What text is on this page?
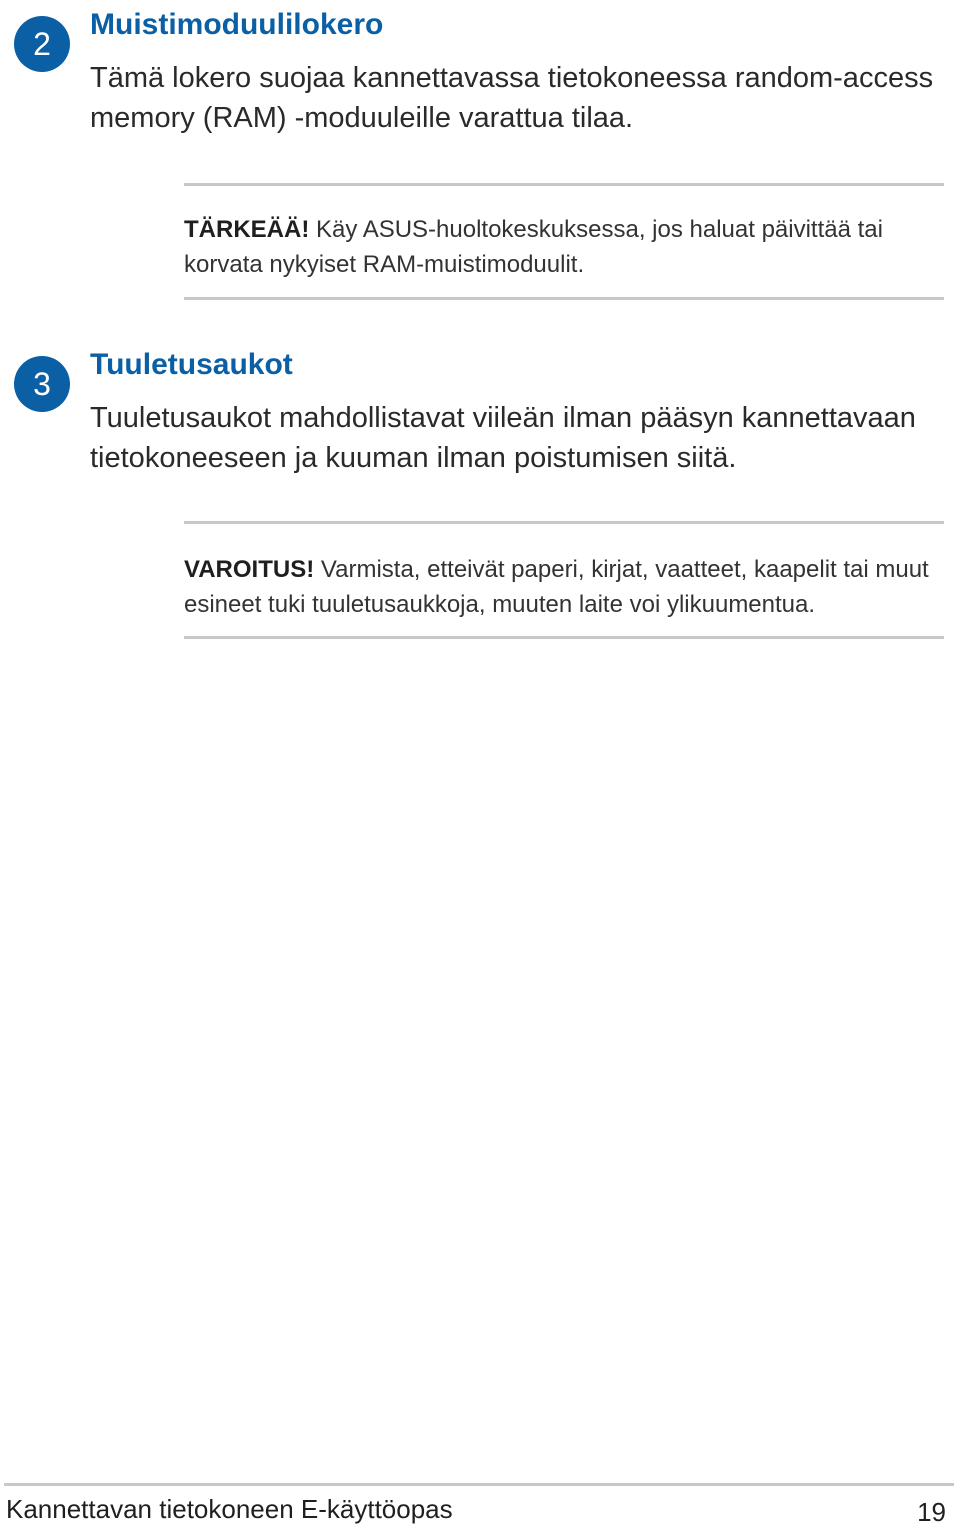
2
Muistimoduulilokero
Tämä lokero suojaa kannettavassa tietokoneessa random-access memory (RAM) -moduuleille varattua tilaa.

TÄRKEÄÄ! Käy ASUS-huoltokeskuksessa, jos haluat päivittää tai korvata nykyiset RAM-muistimoduulit.

3
Tuuletusaukot
Tuuletusaukot mahdollistavat viileän ilman pääsyn kannettavaan tietokoneeseen ja kuuman ilman poistumisen siitä.

VAROITUS! Varmista, etteivät paperi, kirjat, vaatteet, kaapelit tai muut esineet tuki tuuletusaukkoja, muuten laite voi ylikuumentua.

Kannettavan tietokoneen E-käyttöopas	19
